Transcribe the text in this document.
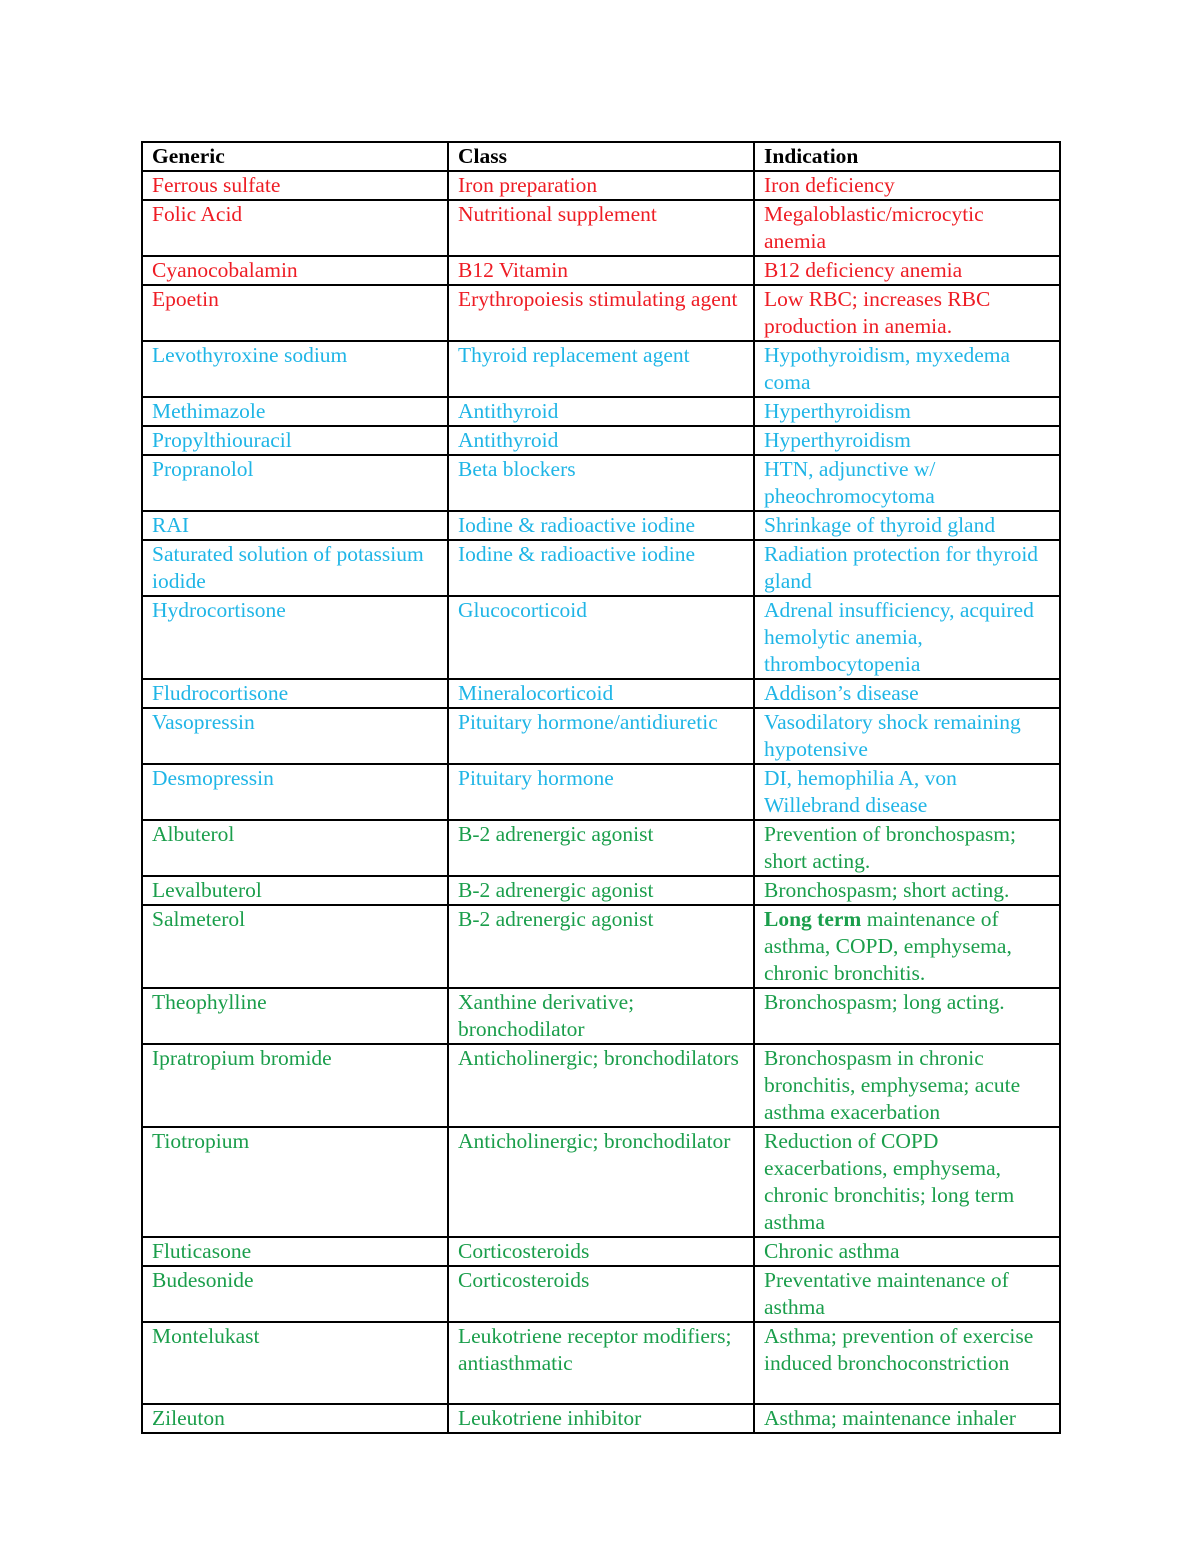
Generic	Class	Indication
Ferrous sulfate	Iron preparation	Iron deficiency
Folic Acid	Nutritional supplement	Megaloblastic/microcytic anemia
Cyanocobalamin	B12 Vitamin	B12 deficiency anemia
Epoetin	Erythropoiesis stimulating agent	Low RBC; increases RBC production in anemia.
Levothyroxine sodium	Thyroid replacement agent	Hypothyroidism, myxedema coma
Methimazole	Antithyroid	Hyperthyroidism
Propylthiouracil	Antithyroid	Hyperthyroidism
Propranolol	Beta blockers	HTN, adjunctive w/ pheochromocytoma
RAI	Iodine & radioactive iodine	Shrinkage of thyroid gland
Saturated solution of potassium iodide	Iodine & radioactive iodine	Radiation protection for thyroid gland
Hydrocortisone	Glucocorticoid	Adrenal insufficiency, acquired hemolytic anemia, thrombocytopenia
Fludrocortisone	Mineralocorticoid	Addison’s disease
Vasopressin	Pituitary hormone/antidiuretic	Vasodilatory shock remaining hypotensive
Desmopressin	Pituitary hormone	DI, hemophilia A, von Willebrand disease
Albuterol	B-2 adrenergic agonist	Prevention of bronchospasm; short acting.
Levalbuterol	B-2 adrenergic agonist	Bronchospasm; short acting.
Salmeterol	B-2 adrenergic agonist	Long term maintenance of asthma, COPD, emphysema, chronic bronchitis.
Theophylline	Xanthine derivative; bronchodilator	Bronchospasm; long acting.
Ipratropium bromide	Anticholinergic; bronchodilators	Bronchospasm in chronic bronchitis, emphysema; acute asthma exacerbation
Tiotropium	Anticholinergic; bronchodilator	Reduction of COPD exacerbations, emphysema, chronic bronchitis; long term asthma
Fluticasone	Corticosteroids	Chronic asthma
Budesonide	Corticosteroids	Preventative maintenance of asthma
Montelukast	Leukotriene receptor modifiers; antiasthmatic	Asthma; prevention of exercise induced bronchoconstriction
Zileuton	Leukotriene inhibitor	Asthma; maintenance inhaler
